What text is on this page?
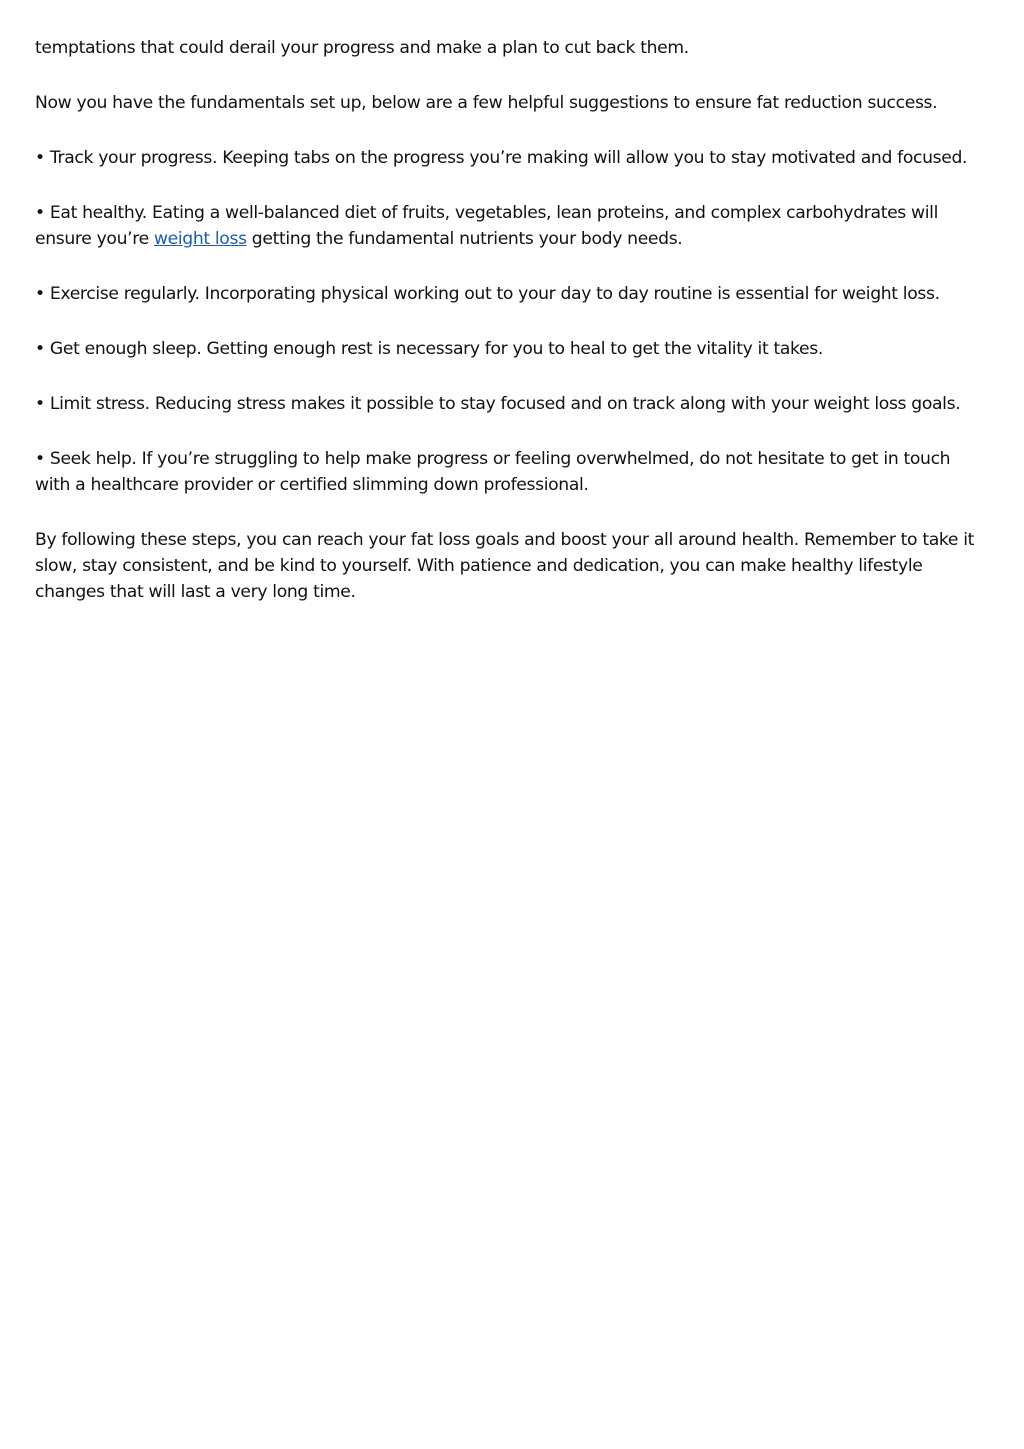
temptations that could derail your progress and make a plan to cut back them.

Now you have the fundamentals set up, below are a few helpful suggestions to ensure fat reduction success.

• Track your progress. Keeping tabs on the progress you’re making will allow you to stay motivated and focused.

• Eat healthy. Eating a well-balanced diet of fruits, vegetables, lean proteins, and complex carbohydrates will ensure you’re weight loss getting the fundamental nutrients your body needs.

• Exercise regularly. Incorporating physical working out to your day to day routine is essential for weight loss.

• Get enough sleep. Getting enough rest is necessary for you to heal to get the vitality it takes.

• Limit stress. Reducing stress makes it possible to stay focused and on track along with your weight loss goals.

• Seek help. If you’re struggling to help make progress or feeling overwhelmed, do not hesitate to get in touch with a healthcare provider or certified slimming down professional.

By following these steps, you can reach your fat loss goals and boost your all around health. Remember to take it slow, stay consistent, and be kind to yourself. With patience and dedication, you can make healthy lifestyle changes that will last a very long time.
